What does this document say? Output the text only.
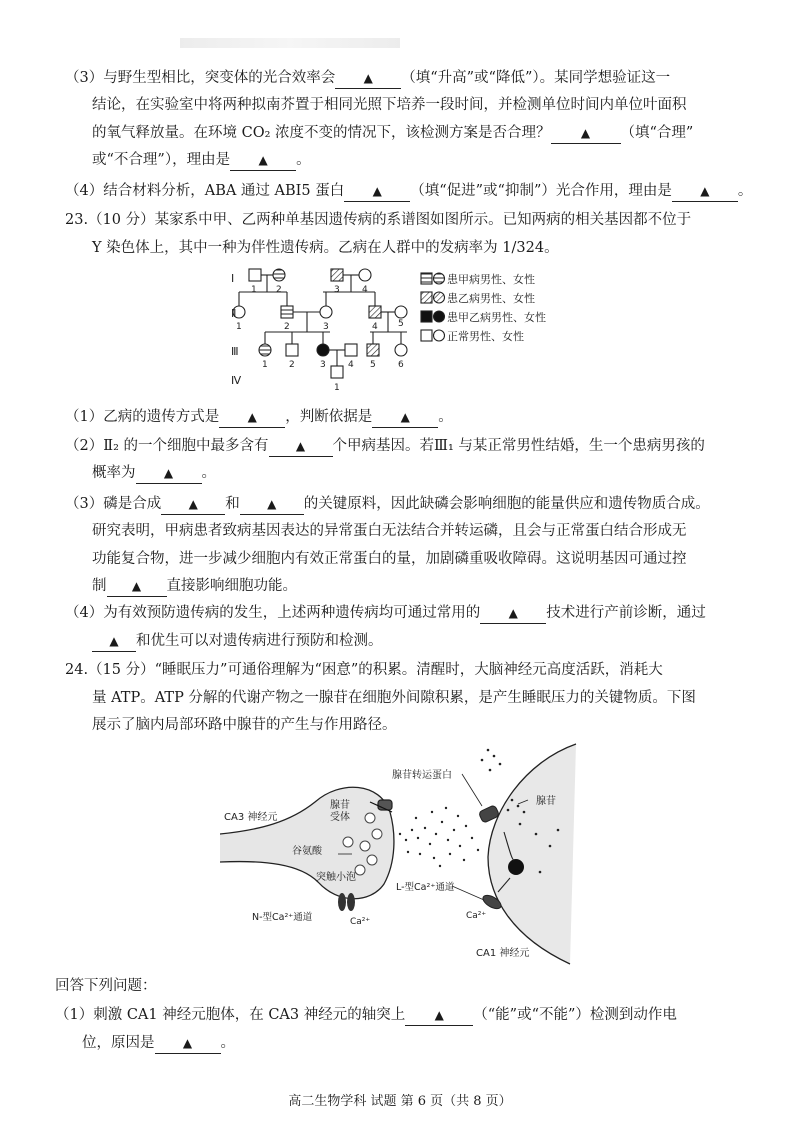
（3）与野生型相比，突变体的光合效率会 ▲ （填“升高”或“降低”）。某同学想验证这一
结论，在实验室中将两种拟南芥置于相同光照下培养一段时间，并检测单位时间内单位叶面积
的氧气释放量。在环境 CO₂ 浓度不变的情况下，该检测方案是否合理？	▲ （填“合理”
或“不合理”），理由是 ▲ 。
（4）结合材料分析，ABA 通过 ABI5 蛋白 ▲ （填“促进”或“抑制”）光合作用，理由是 ▲ 。
23.（10 分）某家系中甲、乙两种单基因遗传病的系谱图如图所示。已知两病的相关基因都不位于
Y 染色体上，其中一种为伴性遗传病。乙病在人群中的发病率为 1/324。
Ⅰ
Ⅱ
Ⅲ
Ⅳ
1 2	3 4
1	2	3	4 5
1 2	3 4 5 6
1
患甲病男性、女性
患乙病男性、女性
患甲乙病男性、女性
正常男性、女性
（1）乙病的遗传方式是 ▲ ，判断依据是 ▲ 。
（2）Ⅱ₂ 的一个细胞中最多含有 ▲ 个甲病基因。若Ⅲ₁ 与某正常男性结婚，生一个患病男孩的
概率为 ▲ 。
（3）磷是合成 ▲ 和 ▲ 的关键原料，因此缺磷会影响细胞的能量供应和遗传物质合成。
研究表明，甲病患者致病基因表达的异常蛋白无法结合并转运磷，且会与正常蛋白结合形成无
功能复合物，进一步减少细胞内有效正常蛋白的量，加剧磷重吸收障碍。这说明基因可通过控
制 ▲ 直接影响细胞功能。
（4）为有效预防遗传病的发生，上述两种遗传病均可通过常用的 ▲ 技术进行产前诊断，通过
▲ 和优生可以对遗传病进行预防和检测。
24.（15 分）“睡眠压力”可通俗理解为“困意”的积累。清醒时，大脑神经元高度活跃，消耗大
量 ATP。ATP 分解的代谢产物之一腺苷在细胞外间隙积累，是产生睡眠压力的关键物质。下图
展示了脑内局部环路中腺苷的产生与作用路径。
CA3 神经元
腺苷
受体
谷氨酸
突触小泡
N-型Ca²⁺通道	Ca²⁺
腺苷转运蛋白
腺苷
L-型Ca²⁺通道
Ca²⁺
CA1 神经元
回答下列问题：
（1）刺激 CA1 神经元胞体，在 CA3 神经元的轴突上 ▲ （“能”或“不能”）检测到动作电
位，原因是 ▲ 。
高二生物学科 试题 第 6 页（共 8 页）
